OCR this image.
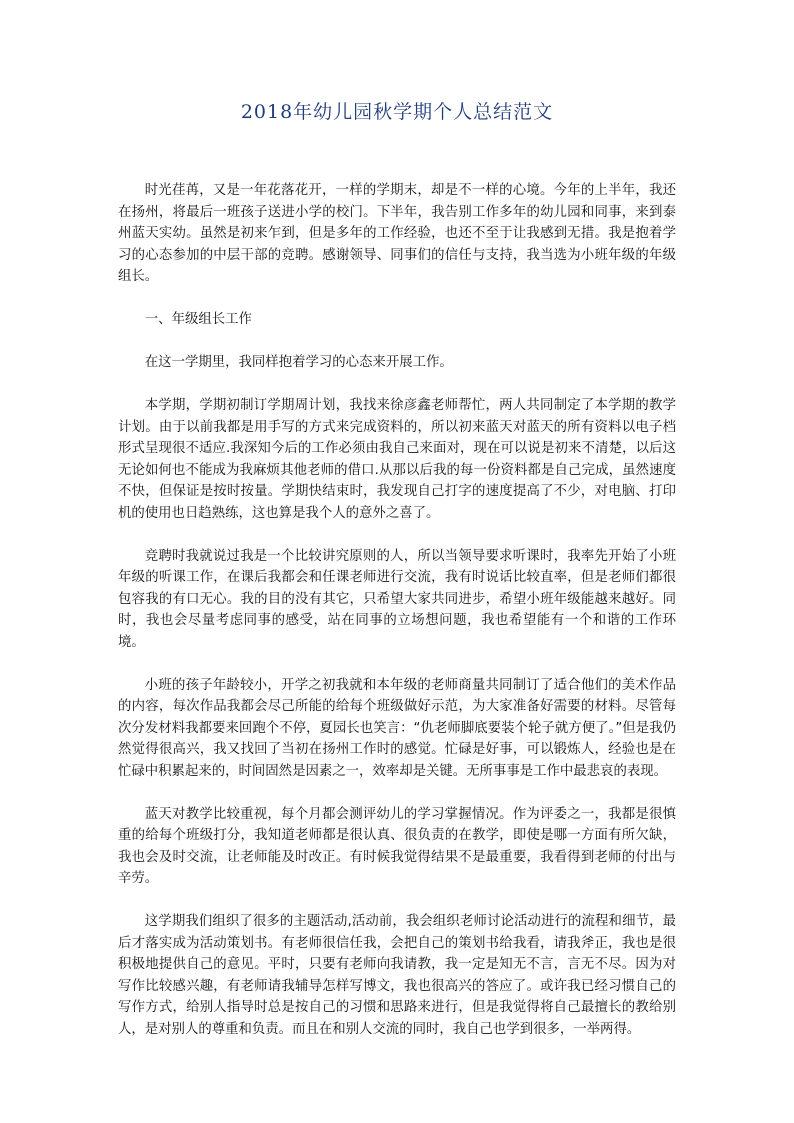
2018年幼儿园秋学期个人总结范文

时光荏苒，又是一年花落花开，一样的学期末，却是不一样的心境。今年的上半年，我还在扬州，将最后一班孩子送进小学的校门。下半年，我告别工作多年的幼儿园和同事，来到泰州蓝天实幼。虽然是初来乍到，但是多年的工作经验，也还不至于让我感到无措。我是抱着学习的心态参加的中层干部的竞聘。感谢领导、同事们的信任与支持，我当选为小班年级的年级组长。

一、年级组长工作

在这一学期里，我同样抱着学习的心态来开展工作。

本学期，学期初制订学期周计划，我找来徐彦鑫老师帮忙，两人共同制定了本学期的教学计划。由于以前我都是用手写的方式来完成资料的，所以初来蓝天对蓝天的所有资料以电子档形式呈现很不适应.我深知今后的工作必须由我自己来面对，现在可以说是初来不清楚，以后这无论如何也不能成为我麻烦其他老师的借口.从那以后我的每一份资料都是自己完成，虽然速度不快，但保证是按时按量。学期快结束时，我发现自己打字的速度提高了不少，对电脑、打印机的使用也日趋熟练，这也算是我个人的意外之喜了。

竞聘时我就说过我是一个比较讲究原则的人，所以当领导要求听课时，我率先开始了小班年级的听课工作，在课后我都会和任课老师进行交流，我有时说话比较直率，但是老师们都很包容我的有口无心。我的目的没有其它，只希望大家共同进步，希望小班年级能越来越好。同时，我也会尽量考虑同事的感受，站在同事的立场想问题，我也希望能有一个和谐的工作环境。

小班的孩子年龄较小，开学之初我就和本年级的老师商量共同制订了适合他们的美术作品的内容，每次作品我都会尽己所能的给每个班级做好示范，为大家准备好需要的材料。尽管每次分发材料我都要来回跑个不停，夏园长也笑言：“仇老师脚底要装个轮子就方便了。”但是我仍然觉得很高兴，我又找回了当初在扬州工作时的感觉。忙碌是好事，可以锻炼人，经验也是在忙碌中积累起来的，时间固然是因素之一，效率却是关键。无所事事是工作中最悲哀的表现。

蓝天对教学比较重视，每个月都会测评幼儿的学习掌握情况。作为评委之一，我都是很慎重的给每个班级打分，我知道老师都是很认真、很负责的在教学，即使是哪一方面有所欠缺，我也会及时交流，让老师能及时改正。有时候我觉得结果不是最重要，我看得到老师的付出与辛劳。

这学期我们组织了很多的主题活动,活动前，我会组织老师讨论活动进行的流程和细节，最后才落实成为活动策划书。有老师很信任我，会把自己的策划书给我看，请我斧正，我也是很积极地提供自己的意见。平时，只要有老师向我请教，我一定是知无不言，言无不尽。因为对写作比较感兴趣，有老师请我辅导怎样写博文，我也很高兴的答应了。或许我已经习惯自己的写作方式，给别人指导时总是按自己的习惯和思路来进行，但是我觉得将自己最擅长的教给别人，是对别人的尊重和负责。而且在和别人交流的同时，我自己也学到很多，一举两得。
